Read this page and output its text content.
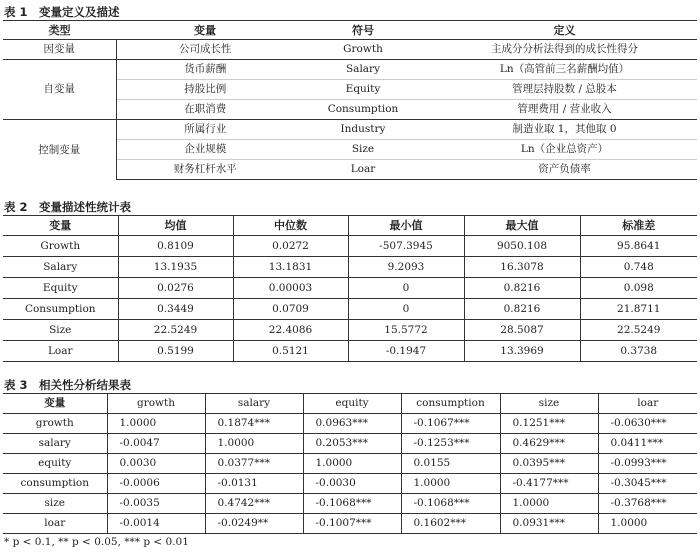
表 1　变量定义及描述
类型	变量	符号	定义
因变量	公司成长性	Growth	主成分分析法得到的成长性得分
自变量	货币薪酬	Salary	Ln（高管前三名薪酬均值）
	持股比例	Equity	管理层持股数 / 总股本
	在职消费	Consumption	管理费用 / 营业收入
控制变量	所属行业	Industry	制造业取 1，其他取 0
	企业规模	Size	Ln（企业总资产）
	财务杠杆水平	Loar	资产负债率
表 2　变量描述性统计表
变量	均值	中位数	最小值	最大值	标准差
Growth	0.8109	0.0272	-507.3945	9050.108	95.8641
Salary	13.1935	13.1831	9.2093	16.3078	0.748
Equity	0.0276	0.00003	0	0.8216	0.098
Consumption	0.3449	0.0709	0	0.8216	21.8711
Size	22.5249	22.4086	15.5772	28.5087	22.5249
Loar	0.5199	0.5121	-0.1947	13.3969	0.3738
表 3　相关性分析结果表
变量	growth	salary	equity	consumption	size	loar
growth	1.0000	0.1874***	0.0963***	-0.1067***	0.1251***	-0.0630***
salary	-0.0047	1.0000	0.2053***	-0.1253***	0.4629***	0.0411***
equity	0.0030	0.0377***	1.0000	0.0155	0.0395***	-0.0993***
consumption	-0.0006	-0.0131	-0.0030	1.0000	-0.4177***	-0.3045***
size	-0.0035	0.4742***	-0.1068***	-0.1068***	1.0000	-0.3768***
loar	-0.0014	-0.0249**	-0.1007***	0.1602***	0.0931***	1.0000
* p < 0.1, ** p < 0.05, *** p < 0.01
